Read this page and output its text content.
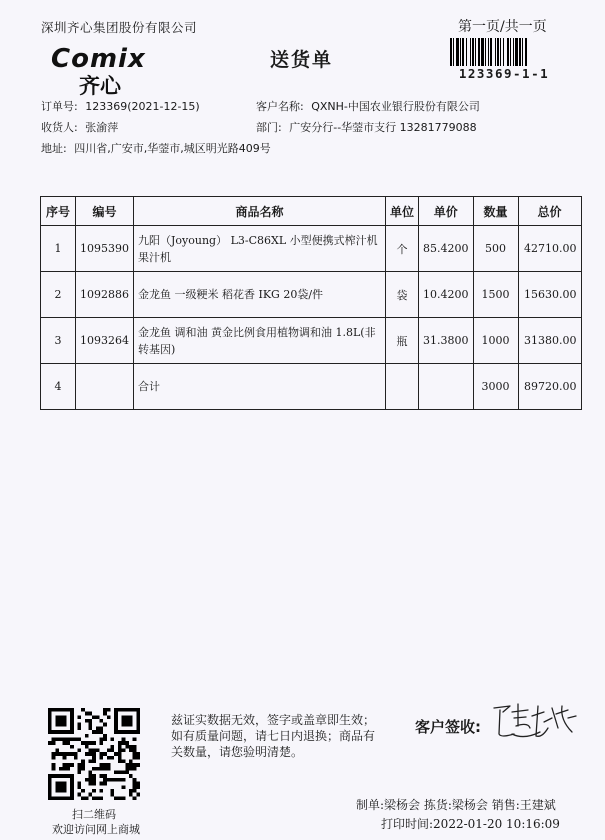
深圳齐心集团股份有限公司
Comix
齐心
送货单
第一页/共一页
123369-1-1
订单号: 123369(2021-12-15)	客户名称: QXNH-中国农业银行股份有限公司
收货人: 张渝萍	部门: 广安分行--华蓥市支行 13281779088
地址: 四川省,广安市,华蓥市,城区明光路409号
序号	编号	商品名称	单位	单价	数量	总价
1	1095390	九阳（Joyoung） L3-C86XL 小型便携式榨汁机 果汁机	个	85.4200	500	42710.00
2	1092886	金龙鱼 一级粳米 稻花香 IKG 20袋/件	袋	10.4200	1500	15630.00
3	1093264	金龙鱼 调和油 黄金比例食用植物调和油 1.8L(非转基因)	瓶	31.3800	1000	31380.00
4		合计			3000	89720.00
扫二维码
欢迎访问网上商城
兹证实数据无效，签字或盖章即生效；如有质量问题，请七日内退换；商品有关数量，请您验明清楚。
客户签收:
制单:梁杨会 拣货:梁杨会 销售:王建斌
打印时间:2022-01-20 10:16:09
